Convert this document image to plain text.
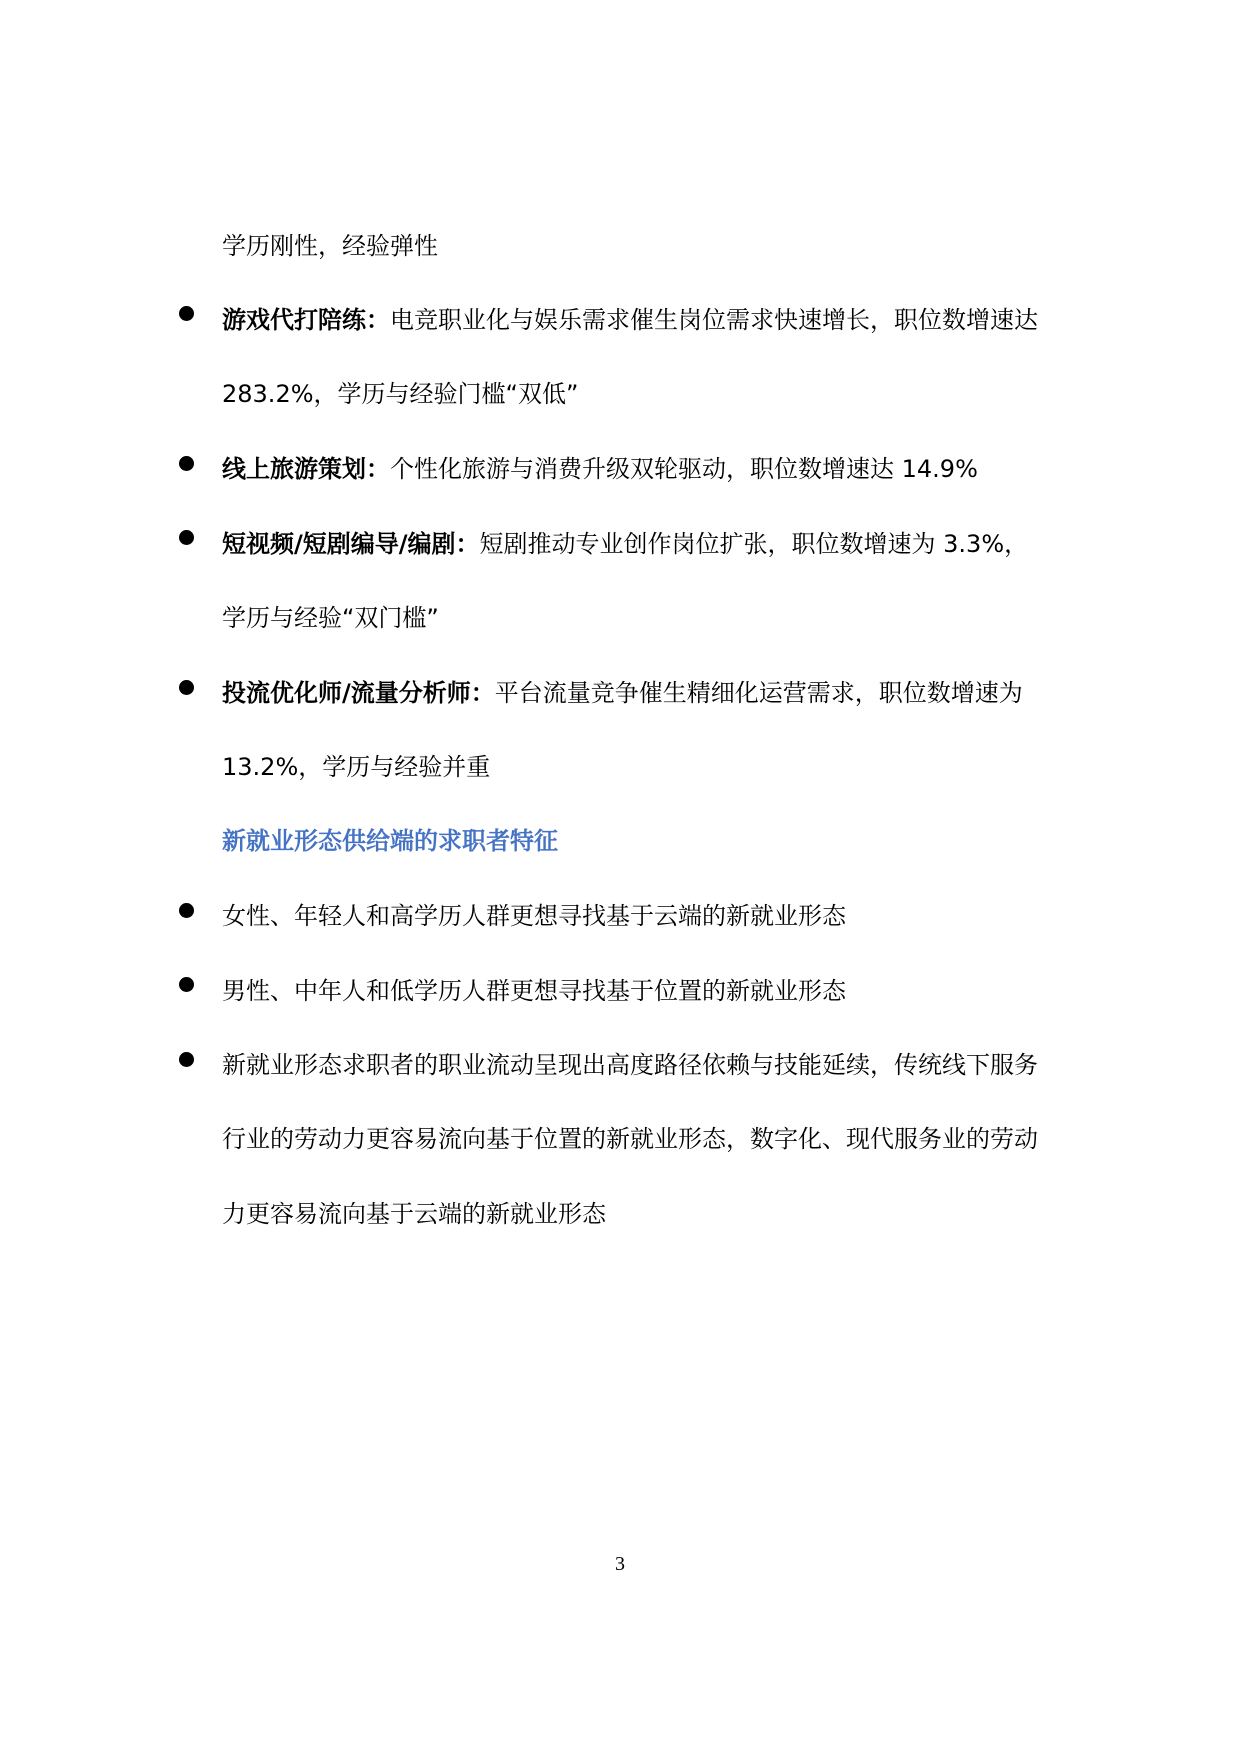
学历刚性，经验弹性
游戏代打陪练：电竞职业化与娱乐需求催生岗位需求快速增长，职位数增速达
283.2%，学历与经验门槛“双低”
线上旅游策划：个性化旅游与消费升级双轮驱动，职位数增速达 14.9%
短视频/短剧编导/编剧：短剧推动专业创作岗位扩张，职位数增速为 3.3%，
学历与经验“双门槛”
投流优化师/流量分析师：平台流量竞争催生精细化运营需求，职位数增速为
13.2%，学历与经验并重
新就业形态供给端的求职者特征
女性、年轻人和高学历人群更想寻找基于云端的新就业形态
男性、中年人和低学历人群更想寻找基于位置的新就业形态
新就业形态求职者的职业流动呈现出高度路径依赖与技能延续，传统线下服务
行业的劳动力更容易流向基于位置的新就业形态，数字化、现代服务业的劳动
力更容易流向基于云端的新就业形态
3
